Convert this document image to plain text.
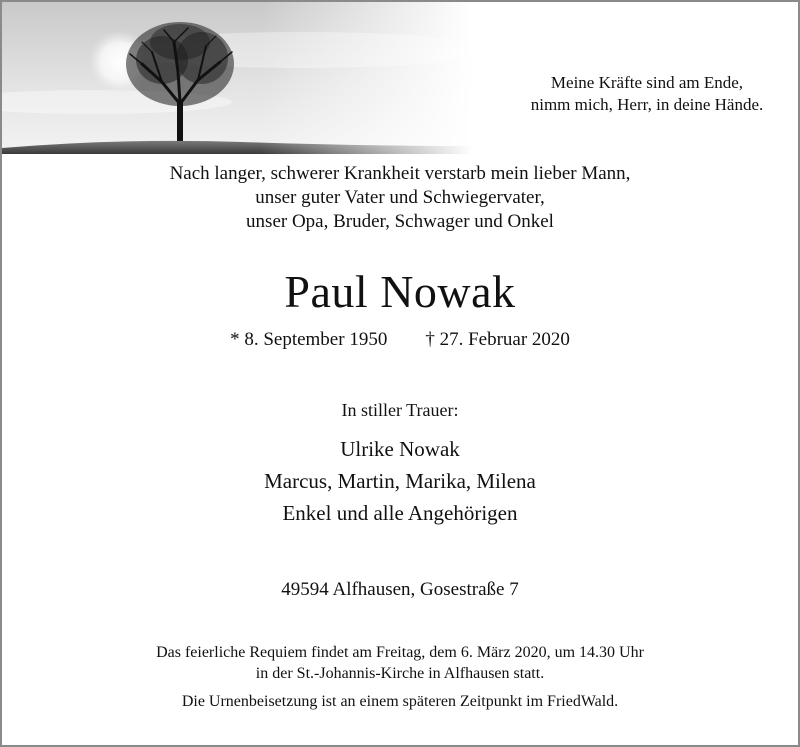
Meine Kräfte sind am Ende,
nimm mich, Herr, in deine Hände.
Nach langer, schwerer Krankheit verstarb mein lieber Mann,
unser guter Vater und Schwiegervater,
unser Opa, Bruder, Schwager und Onkel
Paul Nowak
* 8. September 1950 † 27. Februar 2020
In stiller Trauer:
Ulrike Nowak
Marcus, Martin, Marika, Milena
Enkel und alle Angehörigen
49594 Alfhausen, Gosestraße 7
Das feierliche Requiem findet am Freitag, dem 6. März 2020, um 14.30 Uhr
in der St.-Johannis-Kirche in Alfhausen statt.
Die Urnenbeisetzung ist an einem späteren Zeitpunkt im FriedWald.
